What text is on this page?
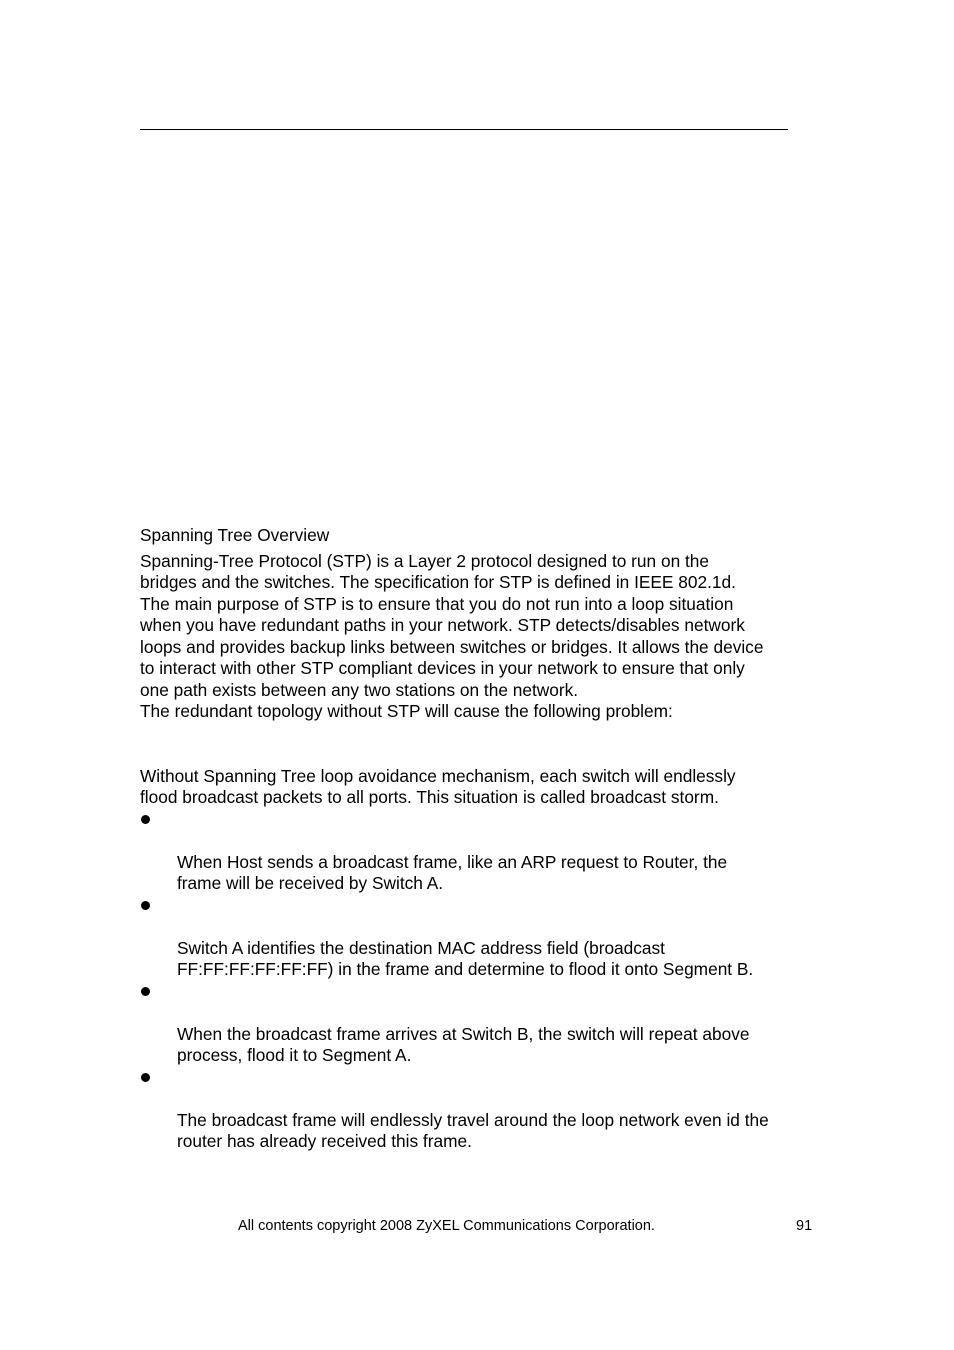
Spanning Tree Overview

Spanning-Tree Protocol (STP) is a Layer 2 protocol designed to run on the
bridges and the switches. The specification for STP is defined in IEEE 802.1d.
The main purpose of STP is to ensure that you do not run into a loop situation
when you have redundant paths in your network. STP detects/disables network
loops and provides backup links between switches or bridges. It allows the device
to interact with other STP compliant devices in your network to ensure that only
one path exists between any two stations on the network.

The redundant topology without STP will cause the following problem:

Without Spanning Tree loop avoidance mechanism, each switch will endlessly
flood broadcast packets to all ports. This situation is called broadcast storm.

When Host sends a broadcast frame, like an ARP request to Router, the
frame will be received by Switch A.

Switch A identifies the destination MAC address field (broadcast
FF:FF:FF:FF:FF:FF) in the frame and determine to flood it onto Segment B.

When the broadcast frame arrives at Switch B, the switch will repeat above
process, flood it to Segment A.

The broadcast frame will endlessly travel around the loop network even id the
router has already received this frame.

All contents copyright 2008 ZyXEL Communications Corporation.	91
